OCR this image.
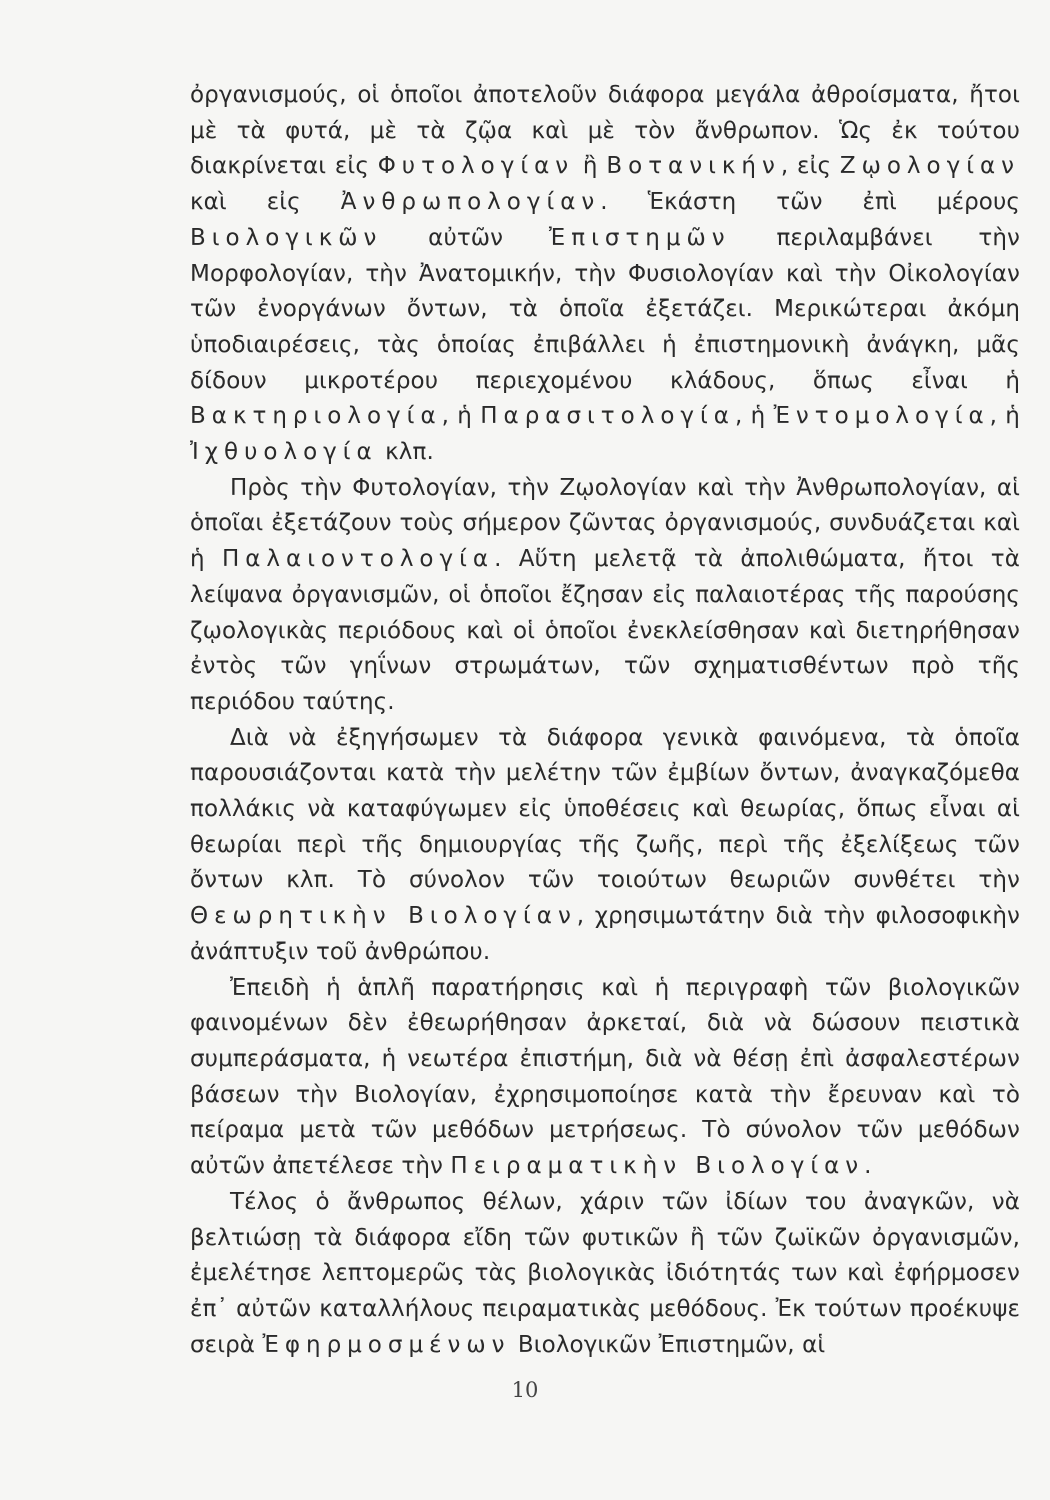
ὀργανισμούς, οἱ ὁποῖοι ἀποτελοῦν διάφορα μεγάλα ἀθροίσματα, ἤτοι μὲ τὰ φυτά, μὲ τὰ ζῷα καὶ μὲ τὸν ἄνθρωπον. Ὡς ἐκ τούτου διακρίνεται εἰς Φυτολογίαν ἢ Βοτανικήν, εἰς Ζῳολογίαν καὶ εἰς Ἀνθρωπολογίαν. Ἑκάστη τῶν ἐπὶ μέρους Βιολογικῶν αὐτῶν Ἐπιστημῶν περιλαμβάνει τὴν Μορφολογίαν, τὴν Ἀνατομικήν, τὴν Φυσιολογίαν καὶ τὴν Οἰκολογίαν τῶν ἐνοργάνων ὄντων, τὰ ὁποῖα ἐξετάζει. Μερικώτεραι ἀκόμη ὑποδιαιρέσεις, τὰς ὁποίας ἐπιβάλλει ἡ ἐπιστημονικὴ ἀνάγκη, μᾶς δίδουν μικροτέρου περιεχομένου κλάδους, ὅπως εἶναι ἡ Βακτηριολογία, ἡ Παρασιτολογία, ἡ Ἐντομολογία, ἡ Ἰχθυολογία κλπ.

Πρὸς τὴν Φυτολογίαν, τὴν Ζῳολογίαν καὶ τὴν Ἀνθρωπολογίαν, αἱ ὁποῖαι ἐξετάζουν τοὺς σήμερον ζῶντας ὀργανισμούς, συνδυάζεται καὶ ἡ Παλαιοντολογία. Αὕτη μελετᾷ τὰ ἀπολιθώματα, ἤτοι τὰ λείψανα ὀργανισμῶν, οἱ ὁποῖοι ἔζησαν εἰς παλαιοτέρας τῆς παρούσης ζῳολογικὰς περιόδους καὶ οἱ ὁποῖοι ἐνεκλείσθησαν καὶ διετηρήθησαν ἐντὸς τῶν γηΐνων στρωμάτων, τῶν σχηματισθέντων πρὸ τῆς περιόδου ταύτης.

Διὰ νὰ ἐξηγήσωμεν τὰ διάφορα γενικὰ φαινόμενα, τὰ ὁποῖα παρουσιάζονται κατὰ τὴν μελέτην τῶν ἐμβίων ὄντων, ἀναγκαζόμεθα πολλάκις νὰ καταφύγωμεν εἰς ὑποθέσεις καὶ θεωρίας, ὅπως εἶναι αἱ θεωρίαι περὶ τῆς δημιουργίας τῆς ζωῆς, περὶ τῆς ἐξελίξεως τῶν ὄντων κλπ. Τὸ σύνολον τῶν τοιούτων θεωριῶν συνθέτει τὴν Θεωρητικὴν Βιολογίαν, χρησιμωτάτην διὰ τὴν φιλοσοφικὴν ἀνάπτυξιν τοῦ ἀνθρώπου.

Ἐπειδὴ ἡ ἁπλῆ παρατήρησις καὶ ἡ περιγραφὴ τῶν βιολογικῶν φαινομένων δὲν ἐθεωρήθησαν ἀρκεταί, διὰ νὰ δώσουν πειστικὰ συμπεράσματα, ἡ νεωτέρα ἐπιστήμη, διὰ νὰ θέσῃ ἐπὶ ἀσφαλεστέρων βάσεων τὴν Βιολογίαν, ἐχρησιμοποίησε κατὰ τὴν ἔρευναν καὶ τὸ πείραμα μετὰ τῶν μεθόδων μετρήσεως. Τὸ σύνολον τῶν μεθόδων αὐτῶν ἀπετέλεσε τὴν Πειραματικὴν Βιολογίαν.

Τέλος ὁ ἄνθρωπος θέλων, χάριν τῶν ἰδίων του ἀναγκῶν, νὰ βελτιώσῃ τὰ διάφορα εἴδη τῶν φυτικῶν ἢ τῶν ζωϊκῶν ὀργανισμῶν, ἐμελέτησε λεπτομερῶς τὰς βιολογικὰς ἰδιότητάς των καὶ ἐφήρμοσεν ἐπ᾽ αὐτῶν καταλλήλους πειραματικὰς μεθόδους. Ἐκ τούτων προέκυψε σειρὰ Ἐφηρμοσμένων Βιολογικῶν Ἐπιστημῶν, αἱ

10
